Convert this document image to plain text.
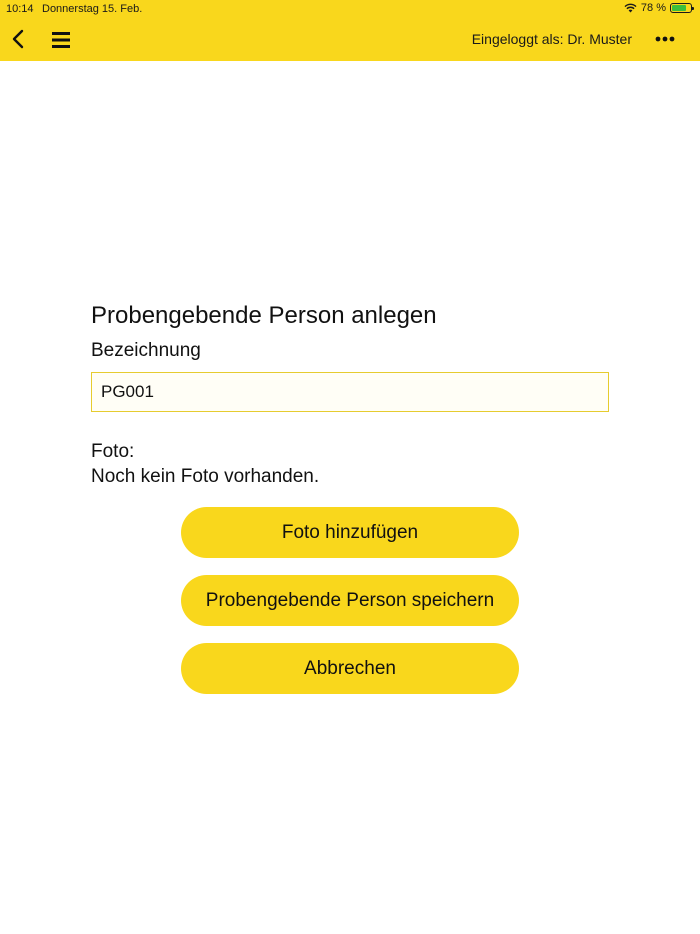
10:14 Donnerstag 15. Feb.	78 %
Eingeloggt als: Dr. Muster
Probengebende Person anlegen
Bezeichnung
PG001
Foto:
Noch kein Foto vorhanden.
Foto hinzufügen
Probengebende Person speichern
Abbrechen
